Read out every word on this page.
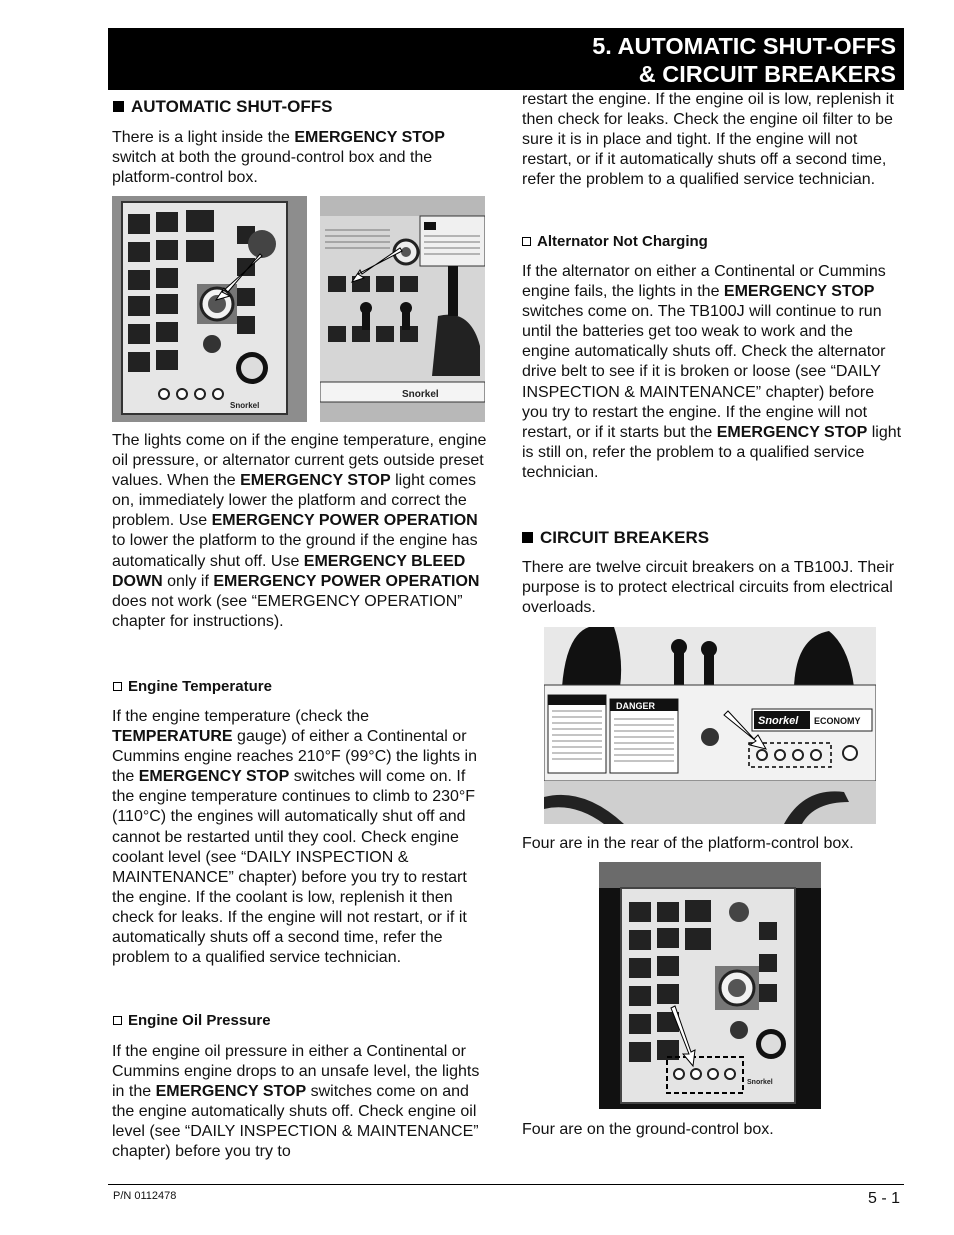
5. AUTOMATIC SHUT-OFFS
& CIRCUIT BREAKERS
AUTOMATIC SHUT-OFFS
There is a light inside the EMERGENCY STOP switch at both the ground-control box and the platform-control box.
Snorkel
Snorkel
The lights come on if the engine temperature, engine oil pressure, or alternator current gets outside preset values. When the EMERGENCY STOP light comes on, immediately lower the platform and correct the problem. Use EMERGENCY POWER OPERATION to lower the platform to the ground if the engine has automatically shut off. Use EMERGENCY BLEED DOWN only if EMERGENCY POWER OPERATION does not work (see “EMERGENCY OPERATION” chapter for instructions).
Engine Temperature
If the engine temperature (check the TEMPERATURE gauge) of either a Continental or Cummins engine reaches 210°F (99°C) the lights in the EMERGENCY STOP switches will come on. If the engine temperature continues to climb to 230°F (110°C) the engines will automatically shut off and cannot be restarted until they cool. Check engine coolant level (see “DAILY INSPECTION & MAINTENANCE” chapter) before you try to restart the engine. If the coolant is low, replenish it then check for leaks. If the engine will not restart, or if it automatically shuts off a second time, refer the problem to a qualified service technician.
Engine Oil Pressure
If the engine oil pressure in either a Continental or Cummins engine drops to an unsafe level, the lights in the EMERGENCY STOP switches come on and the engine automatically shuts off. Check engine oil level (see “DAILY INSPECTION & MAINTENANCE” chapter) before you try to
restart the engine. If the engine oil is low, replenish it then check for leaks. Check the engine oil filter to be sure it is in place and tight. If the engine will not restart, or if it automatically shuts off a second time, refer the problem to a qualified service technician.
Alternator Not Charging
If the alternator on either a Continental or Cummins engine fails, the lights in the EMERGENCY STOP switches come on. The TB100J will continue to run until the batteries get too weak to work and the engine automatically shuts off. Check the alternator drive belt to see if it is broken or loose (see “DAILY INSPECTION & MAINTENANCE” chapter) before you try to restart the engine. If the engine will not restart, or if it starts but the EMERGENCY STOP light is still on, refer the problem to a qualified service technician.
CIRCUIT BREAKERS
There are twelve circuit breakers on a TB100J. Their purpose is to protect electrical circuits from electrical overloads.
DANGER
Snorkel ECONOMY
Four are in the rear of the platform-control box.
Snorkel
Four are on the ground-control box.
P/N 0112478	5 - 1
